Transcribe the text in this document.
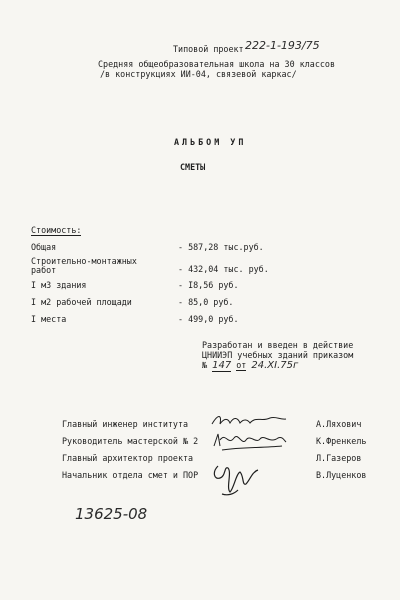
Типовой проект 222-1-193/75
Средняя общеобразовательная школа на 30 классов
/в конструкциях ИИ-04, связевой каркас/
АЛЬБОМ УП
СМЕТЫ
Стоимость:
Общая	- 587,28 тыс.руб.
Строительно-монтажных
работ	- 432,04 тыс. руб.
I м3 здания	- I8,56 руб.
I м2 рабочей площади	- 85,0 руб.
I места	- 499,0 руб.
Разработан и введен в действие
ЦНИИЭП учебных зданий приказом
№ 147 от 24.XI.75г
Главный инженер института	А.Ляхович
Руководитель мастерской № 2	К.Френкель
Главный архитектор проекта	Л.Газеров
Начальник отдела смет и ПОР	В.Луценков
13625-08
